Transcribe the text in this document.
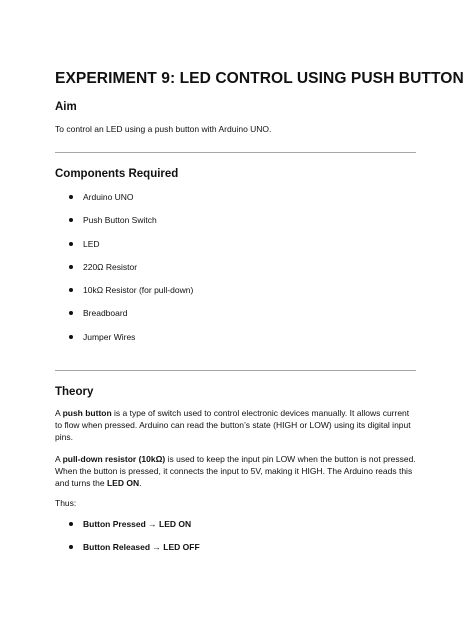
EXPERIMENT 9: LED CONTROL USING PUSH BUTTON
Aim

To control an LED using a push button with Arduino UNO.

Components Required
Arduino UNO
Push Button Switch
LED
220Ω Resistor
10kΩ Resistor (for pull-down)
Breadboard
Jumper Wires
Theory

A push button is a type of switch used to control electronic devices manually. It allows current to flow when pressed. Arduino can read the button’s state (HIGH or LOW) using its digital input pins.

A pull-down resistor (10kΩ) is used to keep the input pin LOW when the button is not pressed. When the button is pressed, it connects the input to 5V, making it HIGH. The Arduino reads this and turns the LED ON.

Thus:

Button Pressed → LED ON
Button Released → LED OFF
